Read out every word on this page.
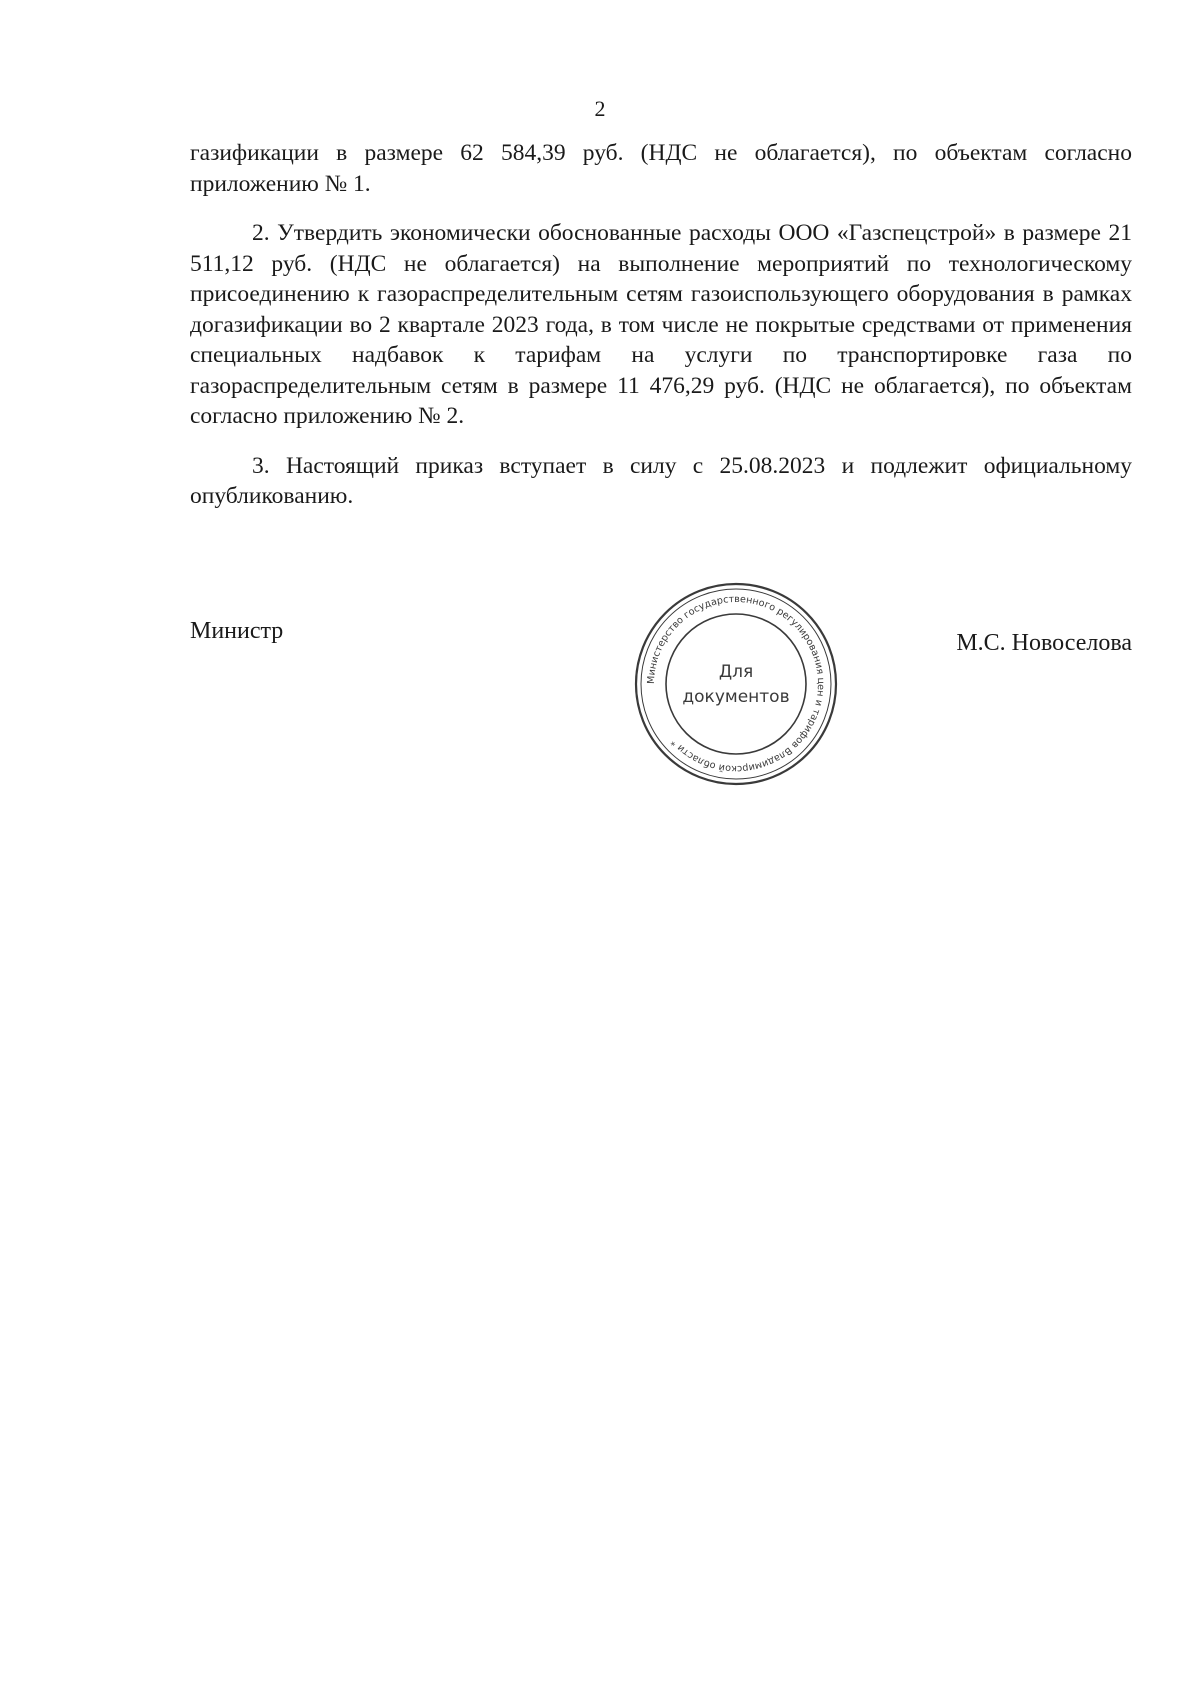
2

газификации в размере 62 584,39 руб. (НДС не облагается), по объектам согласно приложению № 1.

2. Утвердить экономически обоснованные расходы ООО «Газспецстрой» в размере 21 511,12 руб. (НДС не облагается) на выполнение мероприятий по технологическому присоединению к газораспределительным сетям газоиспользующего оборудования в рамках догазификации во 2 квартале 2023 года, в том числе не покрытые средствами от применения специальных надбавок к тарифам на услуги по транспортировке газа по газораспределительным сетям в размере 11 476,29 руб. (НДС не облагается), по объектам согласно приложению № 2.

3. Настоящий приказ вступает в силу с 25.08.2023 и подлежит официальному опубликованию.

Министр	М.С. Новоселова
Министерство государственного регулирования цен и тарифов Владимирской области *
Для
документов
